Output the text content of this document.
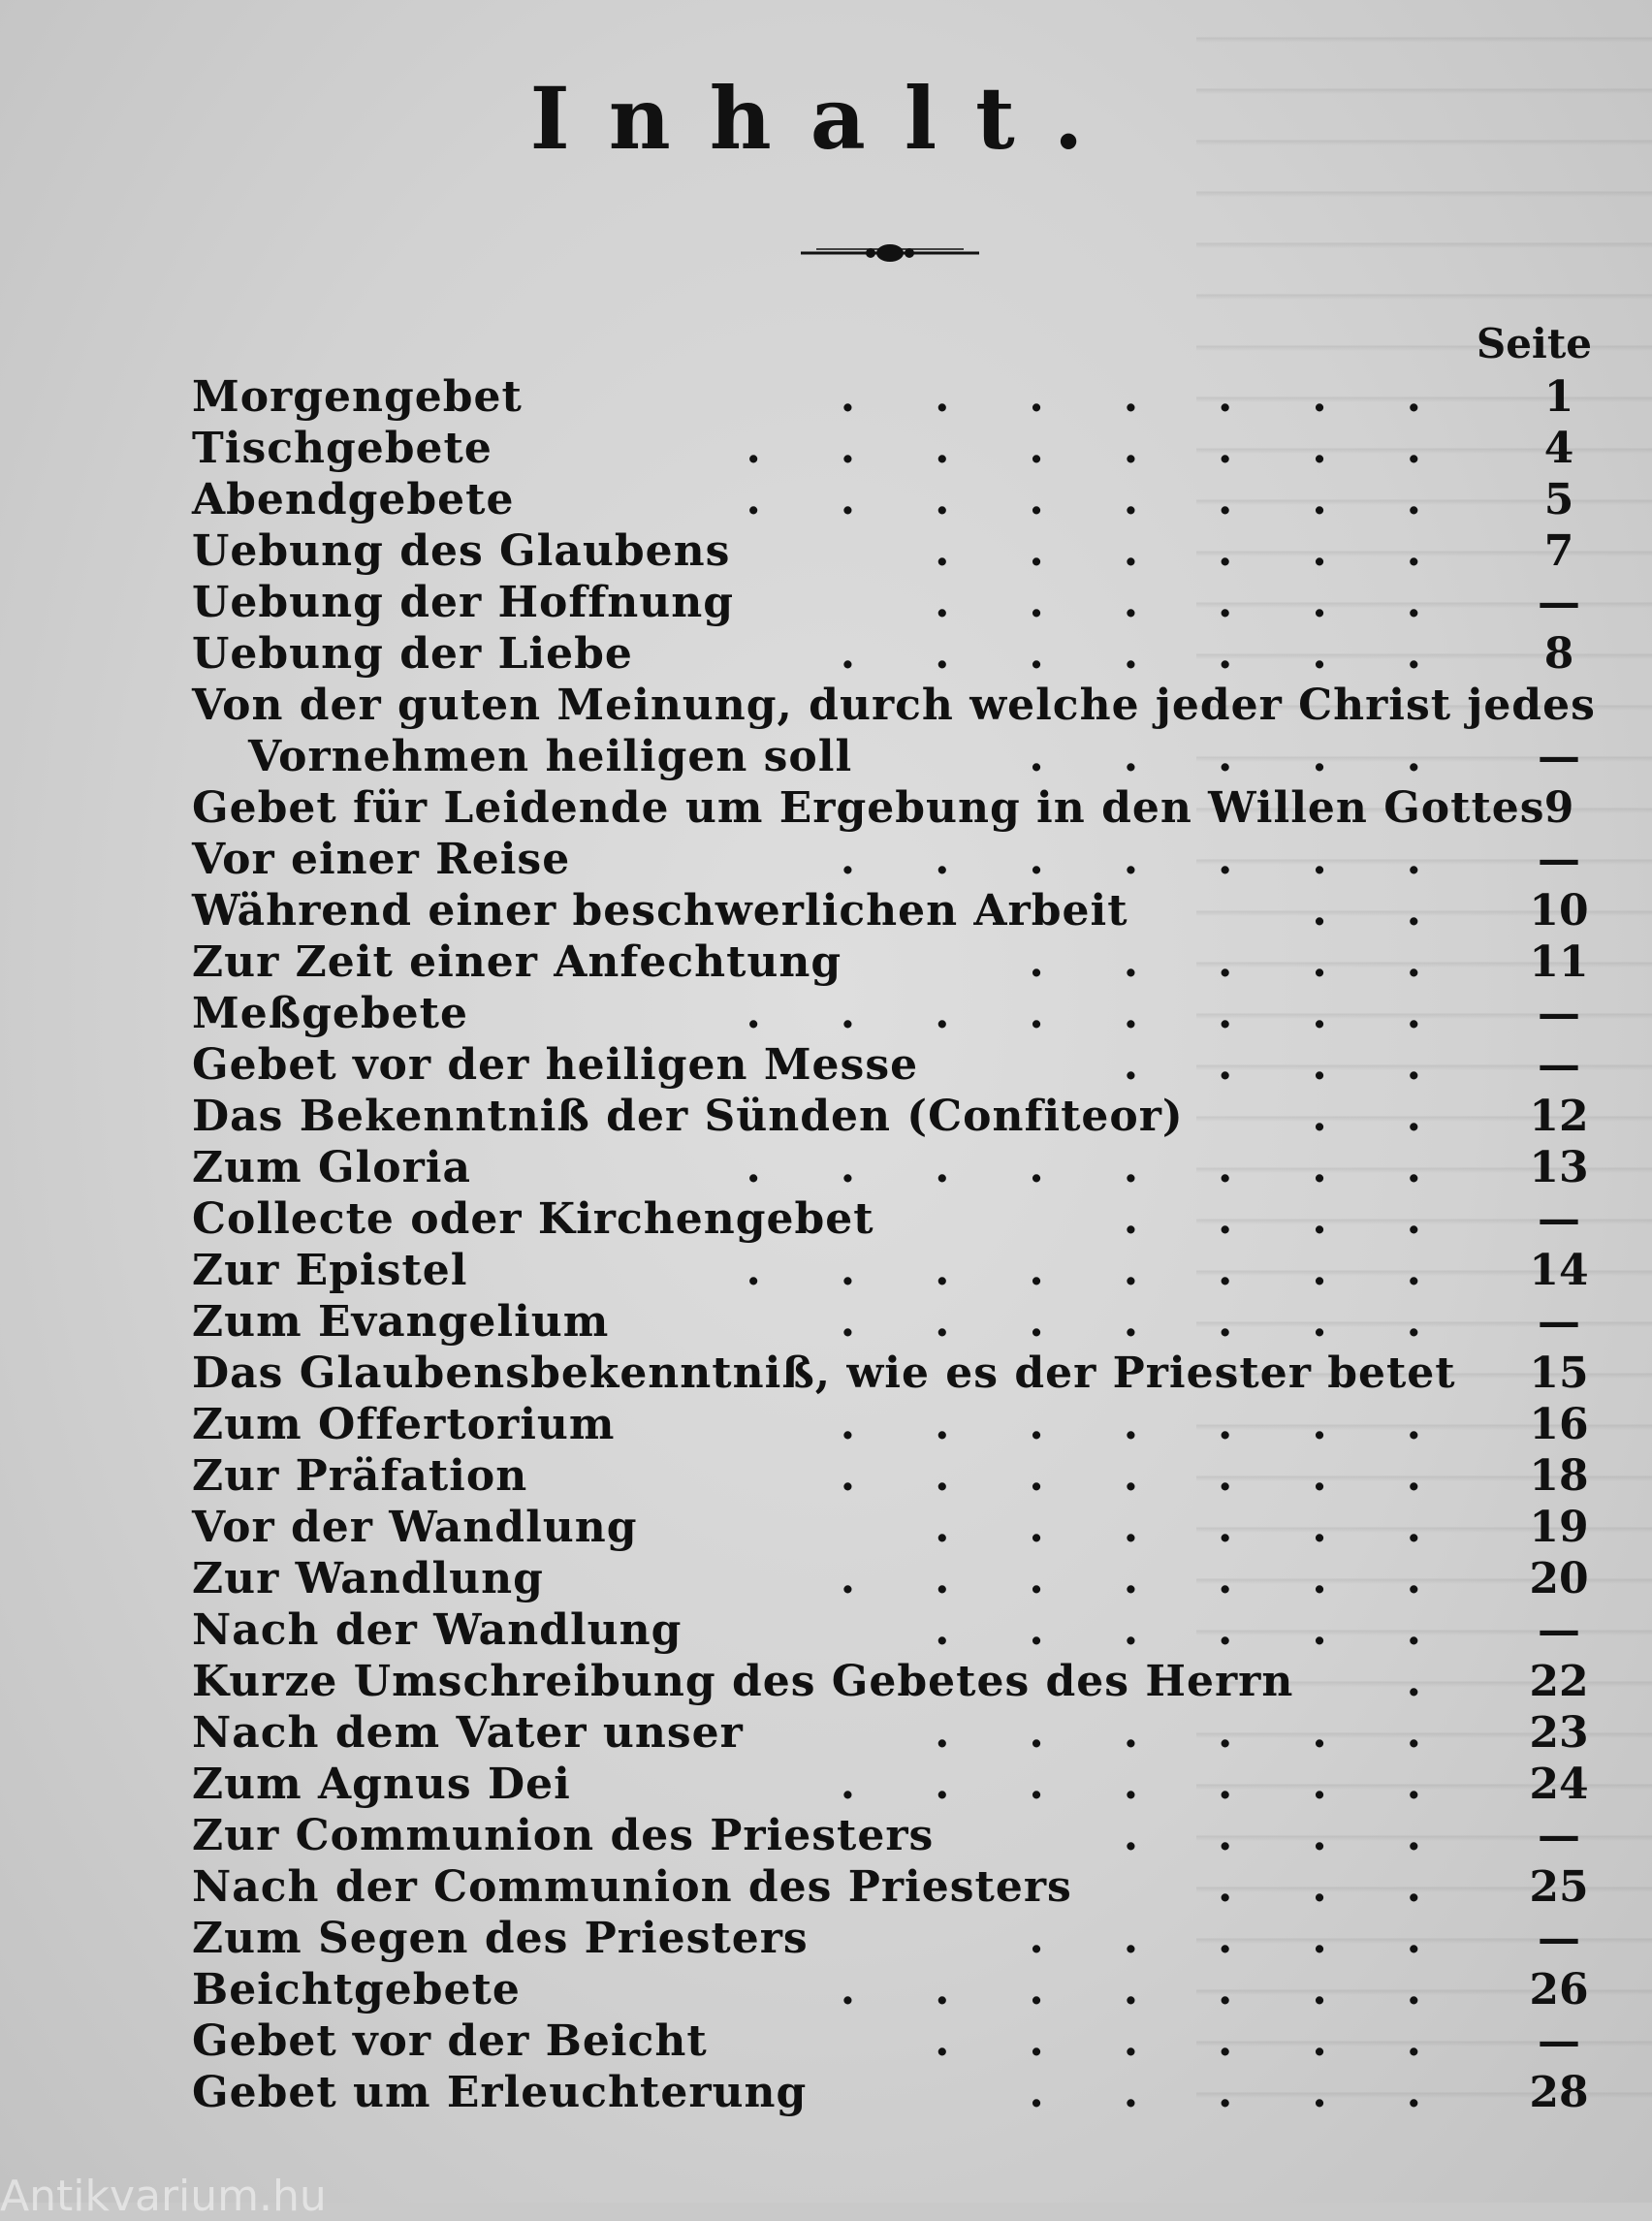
Inhalt.
Seite
Morgengebet	.......	1
Tischgebete	........	4
Abendgebete	........	5
Uebung des Glaubens	......	7
Uebung der Hoffnung	...... —
Uebung der Liebe	.......	8
Von der guten Meinung, durch welche jeder Christ jedes
Vornehmen heiligen soll	..... —
Gebet für Leidende um Ergebung in den Willen Gottes 9
Vor einer Reise	....... —
Während einer beschwerlichen Arbeit	.. 10
Zur Zeit einer Anfechtung	..... 11
Meßgebete	........ —
Gebet vor der heiligen Messe	.... —
Das Bekenntniß der Sünden (Confiteor)	.. 12
Zum Gloria	........ 13
Collecte oder Kirchengebet	.... —
Zur Epistel	........ 14
Zum Evangelium	....... —
Das Glaubensbekenntniß, wie es der Priester betet 15
Zum Offertorium	....... 16
Zur Präfation	....... 18
Vor der Wandlung	...... 19
Zur Wandlung	....... 20
Nach der Wandlung	...... —
Kurze Umschreibung des Gebetes des Herrn	. 22
Nach dem Vater unser	...... 23
Zum Agnus Dei	....... 24
Zur Communion des Priesters	.... —
Nach der Communion des Priesters	... 25
Zum Segen des Priesters	..... —
Beichtgebete	....... 26
Gebet vor der Beicht	...... —
Gebet um Erleuchterung	..... 28
Antikvarium.hu
